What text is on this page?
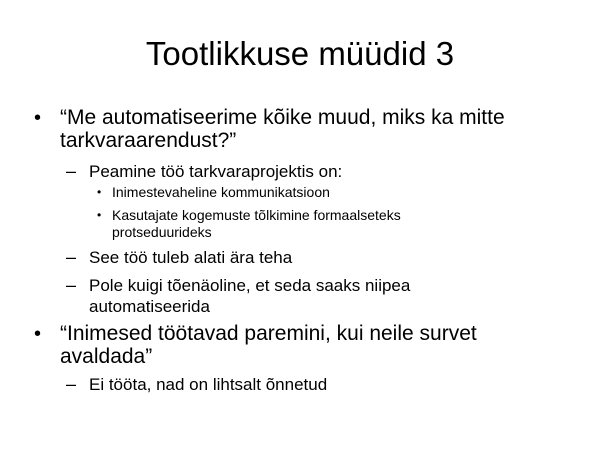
Tootlikkuse müüdid 3
• “Me automatiseerime kõike muud, miks ka mitte
tarkvaraarendust?”
– Peamine töö tarkvaraprojektis on:
• Inimestevaheline kommunikatsioon
• Kasutajate kogemuste tõlkimine formaalseteks
protseduurideks
– See töö tuleb alati ära teha
– Pole kuigi tõenäoline, et seda saaks niipea
automatiseerida
• “Inimesed töötavad paremini, kui neile survet
avaldada”
– Ei tööta, nad on lihtsalt õnnetud
